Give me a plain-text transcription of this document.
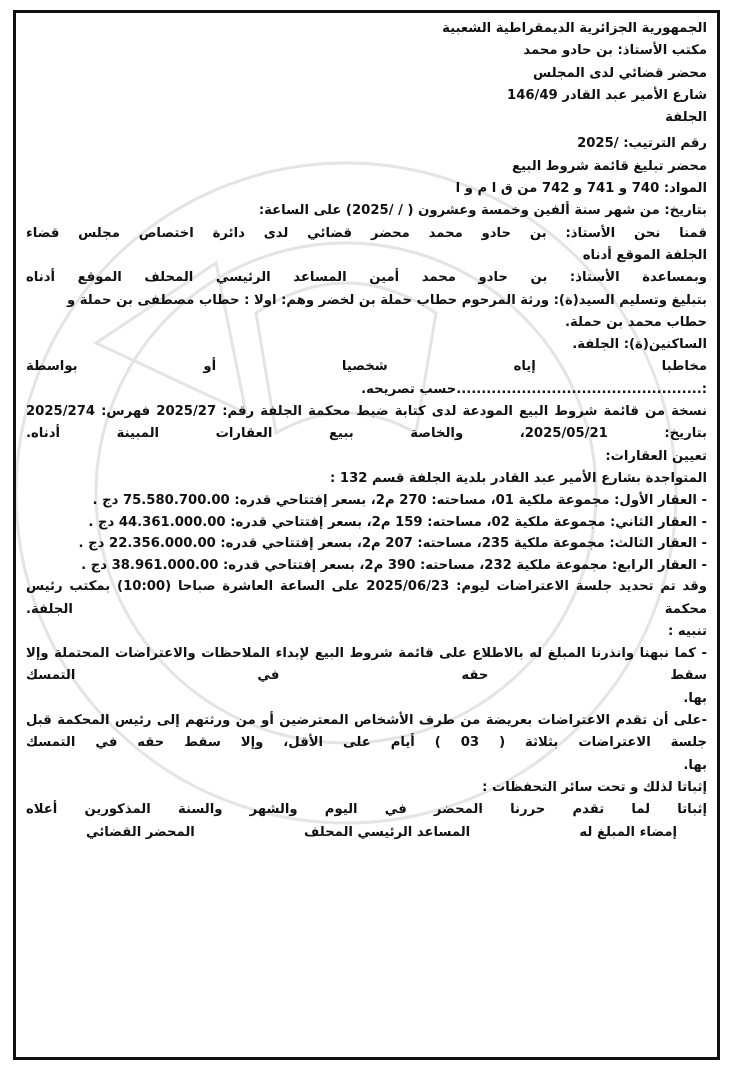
الجمهورية الجزائرية الديمقراطية الشعبية
مكتب الأستاذ: بن حادو محمد
محضر قضائي لدى المجلس
شارع الأمير عبد القادر 146/49
الجلفة
رقم الترتيب: /2025
محضر تبليغ قائمة شروط البيع
المواد: 740 و 741 و 742 من ق ا م و ا
بتاريخ: من شهر سنة ألفين وخمسة وعشرون ( / /2025) على الساعة:
قمنا نحن الأستاذ: بن حادو محمد محضر قضائي لدى دائرة اختصاص مجلس قضاء
الجلفة الموقع أدناه
وبمساعدة الأستاذ: بن حادو محمد أمين المساعد الرئيسي المحلف الموقع أدناه
بتبليغ وتسليم السيد(ة): ورثة المرحوم حطاب حملة بن لخضر وهم: اولا : حطاب مصطفى بن حملة و حطاب محمد بن حملة.
الساكنين(ة): الجلفة.
مخاطبا إياه شخصيا أو بواسطة
:.................................................حسب تصريحه.
نسخة من قائمة شروط البيع المودعة لدى كتابة ضبط محكمة الجلفة رقم: 2025/27 فهرس: 2025/274 بتاريخ: 2025/05/21، والخاصة ببيع العقارات المبينة أدناه.
تعيين العقارات:
المتواجدة بشارع الأمير عبد القادر بلدية الجلفة قسم 132 :
- العقار الأول: مجموعة ملكية 01، مساحته: 270 م2، بسعر إفتتاحي قدره: 75.580.700.00 دج .
- العقار الثاني: مجموعة ملكية 02، مساحته: 159 م2، بسعر إفتتاحي قدره: 44.361.000.00 دج .
- العقار الثالث: مجموعة ملكية 235، مساحته: 207 م2، بسعر إفتتاحي قدره: 22.356.000.00 دج .
- العقار الرابع: مجموعة ملكية 232، مساحته: 390 م2، بسعر إفتتاحي قدره: 38.961.000.00 دج .
وقد تم تحديد جلسة الاعتراضات ليوم: 2025/06/23 على الساعة العاشرة صباحا (10:00) بمكتب رئيس محكمة الجلفة.
تنبيه :
- كما نبهنا وانذرنا المبلغ له بالاطلاع على قائمة شروط البيع لإبداء الملاحظات والاعتراضات المحتملة وإلا سقط حقه في التمسك
بها.
-على أن تقدم الاعتراضات بعريضة من طرف الأشخاص المعترضين أو من ورثتهم إلى رئيس المحكمة قبل جلسة الاعتراضات بثلاثة ( 03 ) أيام على الأقل، وإلا سقط حقه في التمسك
بها.
إثباتا لذلك و تحت سائر التحفظات :
إثباتا لما تقدم حررنا المحضر في اليوم والشهر والسنة المذكورين أعلاه
إمضاء المبلغ له
المساعد الرئيسي المحلف
المحضر القضائي
